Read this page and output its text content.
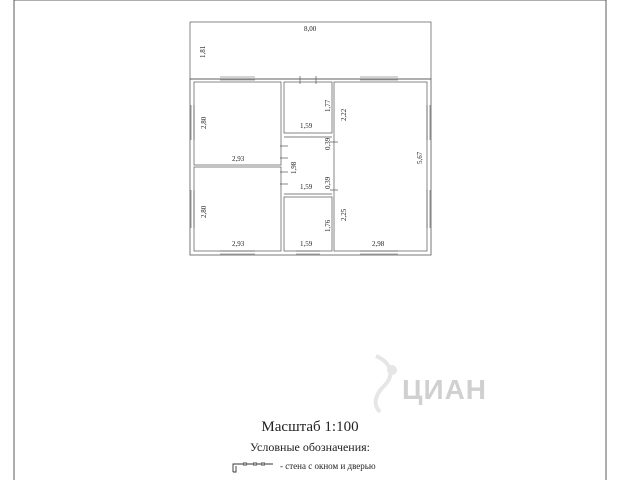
8,00
1,81
2,80
2,93
2,80
2,93
1,77
1,59
1,98
1,59
0,39
0,39
1,76
1,59
5,67
2,22
2,25
2,98
ЦИАН
Масштаб 1:100
Условные обозначения:
- стена с окном и дверью
